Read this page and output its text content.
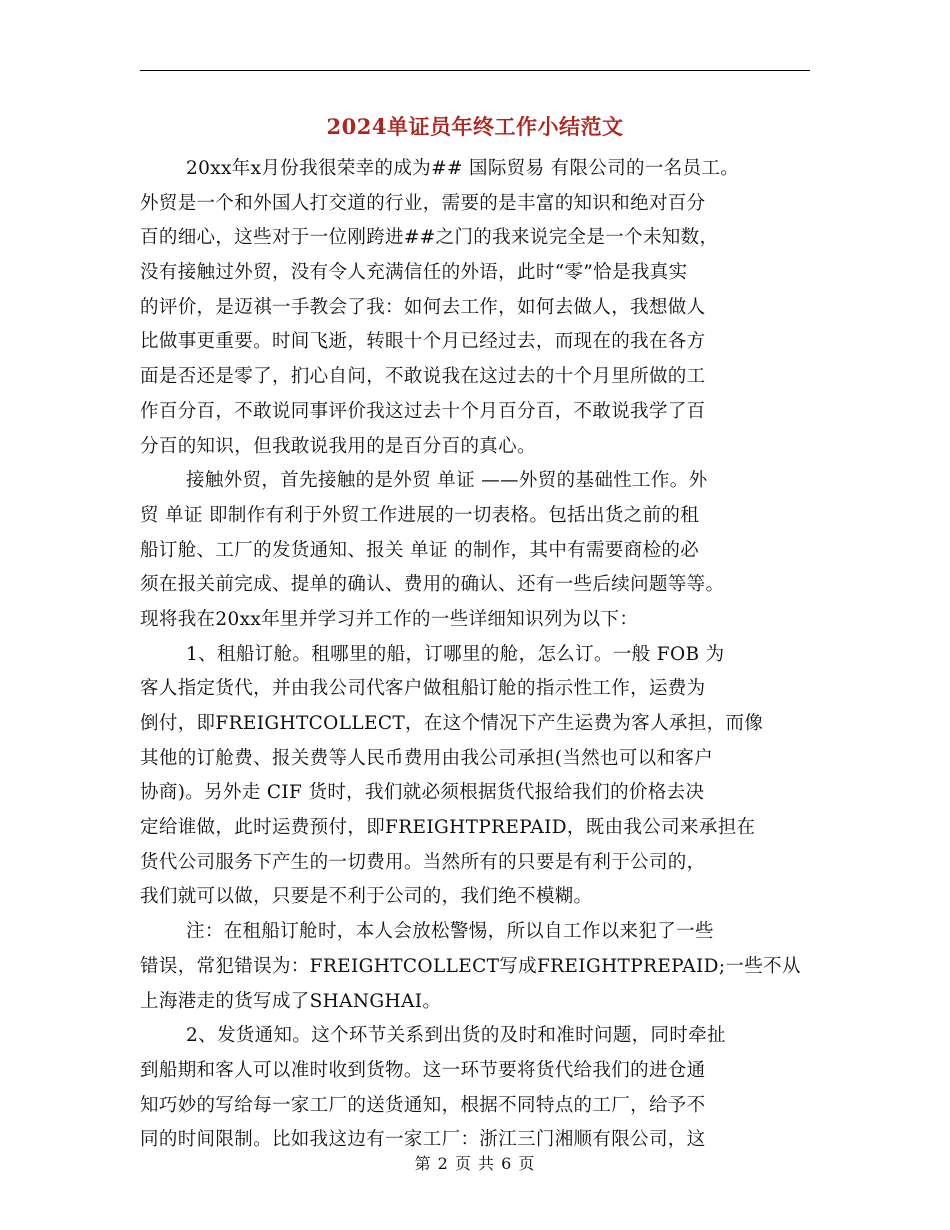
2024单证员年终工作小结范文
20xx年x月份我很荣幸的成为## 国际贸易 有限公司的一名员工。
外贸是一个和外国人打交道的行业，需要的是丰富的知识和绝对百分
百的细心，这些对于一位刚跨进##之门的我来说完全是一个未知数，
没有接触过外贸，没有令人充满信任的外语，此时“零”恰是我真实
的评价，是迈祺一手教会了我：如何去工作，如何去做人，我想做人
比做事更重要。时间飞逝，转眼十个月已经过去，而现在的我在各方
面是否还是零了，扪心自问，不敢说我在这过去的十个月里所做的工
作百分百，不敢说同事评价我这过去十个月百分百，不敢说我学了百
分百的知识，但我敢说我用的是百分百的真心。
接触外贸，首先接触的是外贸 单证 ——外贸的基础性工作。外
贸 单证 即制作有利于外贸工作进展的一切表格。包括出货之前的租
船订舱、工厂的发货通知、报关 单证 的制作，其中有需要商检的必
须在报关前完成、提单的确认、费用的确认、还有一些后续问题等等。
现将我在20xx年里并学习并工作的一些详细知识列为以下：
1、租船订舱。租哪里的船，订哪里的舱，怎么订。一般 FOB 为
客人指定货代，并由我公司代客户做租船订舱的指示性工作，运费为
倒付，即FREIGHTCOLLECT，在这个情况下产生运费为客人承担，而像
其他的订舱费、报关费等人民币费用由我公司承担(当然也可以和客户
协商)。另外走 CIF 货时，我们就必须根据货代报给我们的价格去决
定给谁做，此时运费预付，即FREIGHTPREPAID，既由我公司来承担在
货代公司服务下产生的一切费用。当然所有的只要是有利于公司的，
我们就可以做，只要是不利于公司的，我们绝不模糊。
注：在租船订舱时，本人会放松警惕，所以自工作以来犯了一些
错误，常犯错误为：FREIGHTCOLLECT写成FREIGHTPREPAID;一些不从
上海港走的货写成了SHANGHAI。
2、发货通知。这个环节关系到出货的及时和准时问题，同时牵扯
到船期和客人可以准时收到货物。这一环节要将货代给我们的进仓通
知巧妙的写给每一家工厂的送货通知，根据不同特点的工厂，给予不
同的时间限制。比如我这边有一家工厂：浙江三门湘顺有限公司，这
第 2 页 共 6 页
